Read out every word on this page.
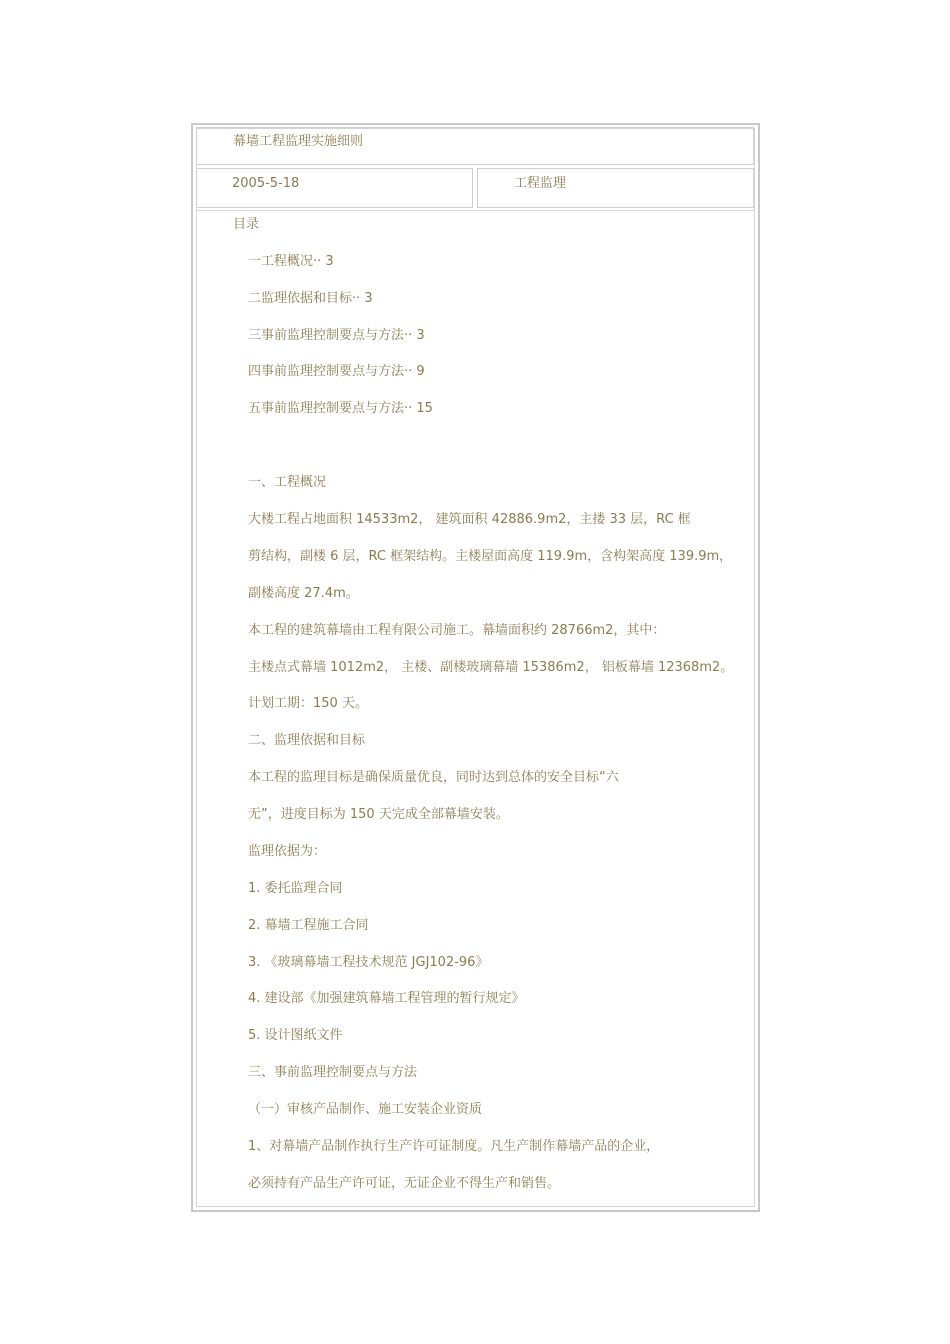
幕墙工程监理实施细则
2005-5-18	工程监理
目录
一工程概况·· 3
二监理依据和目标·· 3
三事前监理控制要点与方法·· 3
四事前监理控制要点与方法·· 9
五事前监理控制要点与方法·· 15
一、工程概况
大楼工程占地面积 14533m2， 建筑面积 42886.9m2，主搂 33 层，RC 框
剪结构，副楼 6 层，RC 框架结构。主楼屋面高度 119.9m，含构架高度 139.9m，
副楼高度 27.4m。
本工程的建筑幕墙由工程有限公司施工。幕墙面积约 28766m2，其中：
主楼点式幕墙 1012m2， 主楼、副楼玻璃幕墙 15386m2， 铝板幕墙 12368m2。
计划工期：150 天。
二、监理依据和目标
本工程的监理目标是确保质量优良，同时达到总体的安全目标“六
无”，进度目标为 150 天完成全部幕墙安装。
监理依据为：
1. 委托监理合同
2. 幕墙工程施工合同
3. 《玻璃幕墙工程技术规范 JGJ102-96》
4. 建设部《加强建筑幕墙工程管理的暂行规定》
5. 设计图纸文件
三、事前监理控制要点与方法
（一）审核产品制作、施工安装企业资质
1、对幕墙产品制作执行生产许可证制度。凡生产制作幕墙产品的企业，
必须持有产品生产许可证，无证企业不得生产和销售。
